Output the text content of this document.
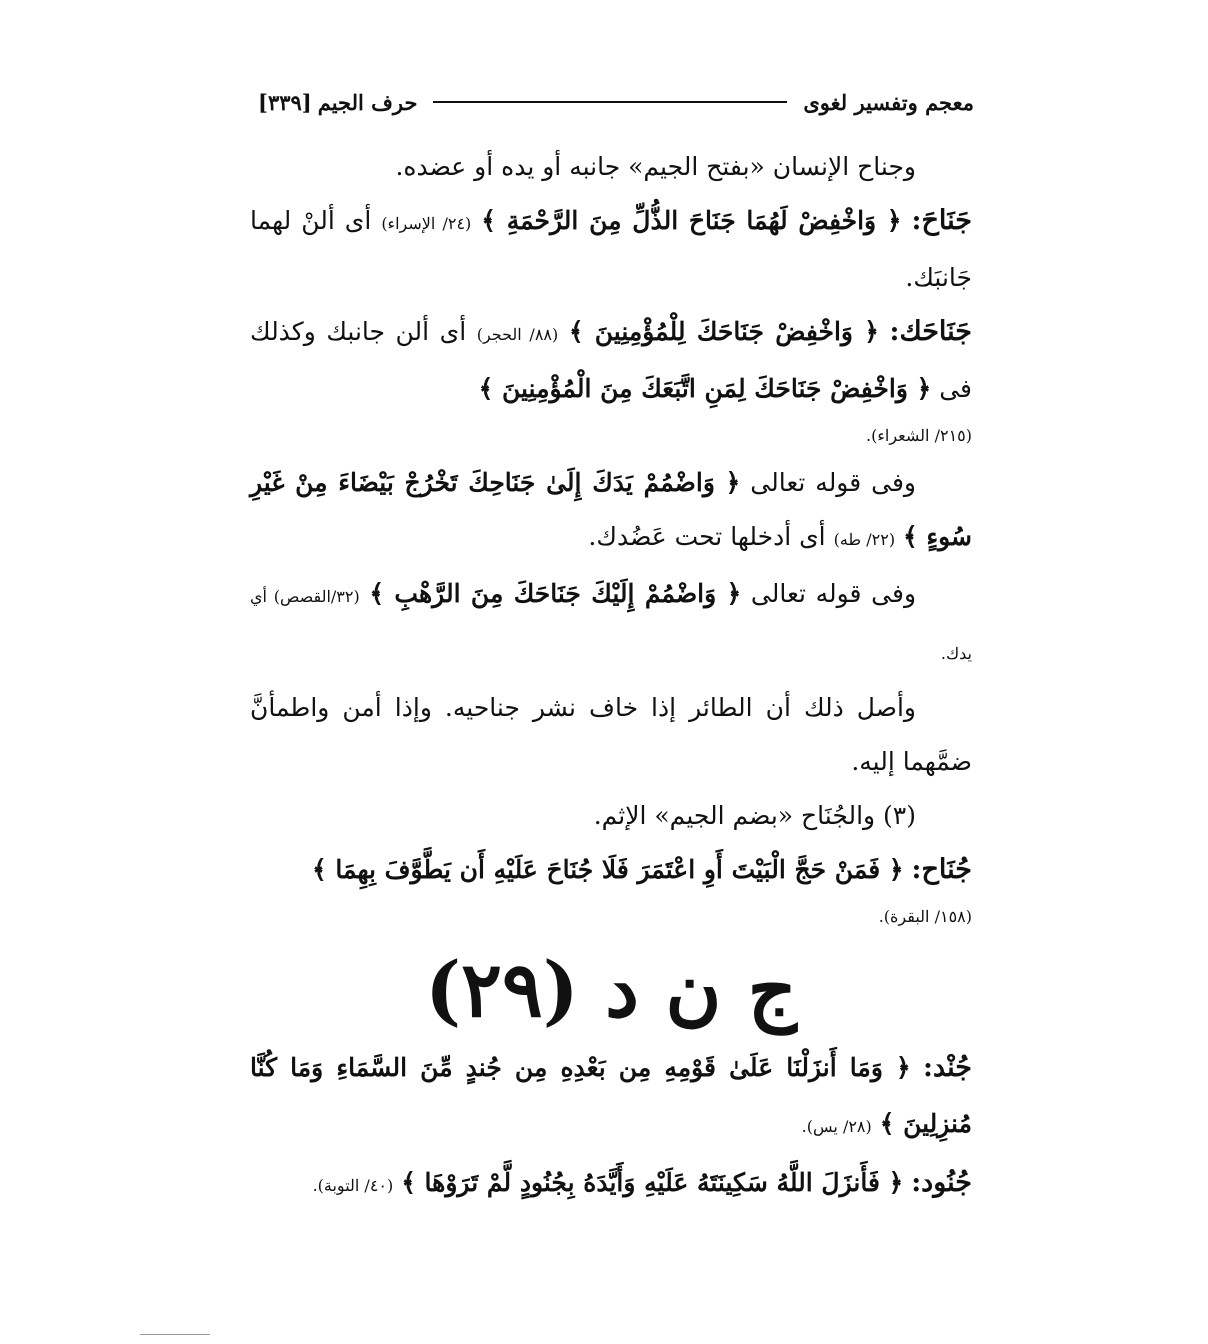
معجم وتفسير لغوى
حرف الجيم
[٣٣٩]

وجناح الإنسان «بفتح الجيم» جانبه أو يده أو عضده.

جَنَاحَ: ﴿ وَاخْفِضْ لَهُمَا جَنَاحَ الذُّلِّ مِنَ الرَّحْمَةِ ﴾ (٢٤/ الإسراء) أى ألنْ لهما جَانبَك.

جَنَاحَك: ﴿ وَاخْفِضْ جَنَاحَكَ لِلْمُؤْمِنِينَ ﴾ (٨٨/ الحجر) أى ألن جانبك وكذلك فى ﴿ وَاخْفِضْ جَنَاحَكَ لِمَنِ اتَّبَعَكَ مِنَ الْمُؤْمِنِينَ ﴾

(٢١٥/ الشعراء).

وفى قوله تعالى ﴿ وَاضْمُمْ يَدَكَ إِلَىٰ جَنَاحِكَ تَخْرُجْ بَيْضَاءَ مِنْ غَيْرِ سُوءٍ ﴾ (٢٢/ طه) أى أدخلها تحت عَضُدك.

وفى قوله تعالى ﴿ وَاضْمُمْ إِلَيْكَ جَنَاحَكَ مِنَ الرَّهْبِ ﴾ (٣٢/القصص) أي يدك.

وأصل ذلك أن الطائر إذا خاف نشر جناحيه. وإذا أمن واطمأنَّ ضمَّهما إليه.

(٣) والجُنَاح «بضم الجيم» الإثم.

جُنَاح: ﴿ فَمَنْ حَجَّ الْبَيْتَ أَوِ اعْتَمَرَ فَلَا جُنَاحَ عَلَيْهِ أَن يَطَّوَّفَ بِهِمَا ﴾

(١٥٨/ البقرة).

ج ن د (٢٩)

جُنْد: ﴿ وَمَا أَنزَلْنَا عَلَىٰ قَوْمِهِ مِن بَعْدِهِ مِن جُندٍ مِّنَ السَّمَاءِ وَمَا كُنَّا مُنزِلِينَ ﴾ (٢٨/ يس).

جُنُود: ﴿ فَأَنزَلَ اللَّهُ سَكِينَتَهُ عَلَيْهِ وَأَيَّدَهُ بِجُنُودٍ لَّمْ تَرَوْهَا ﴾ (٤٠/ التوبة).
